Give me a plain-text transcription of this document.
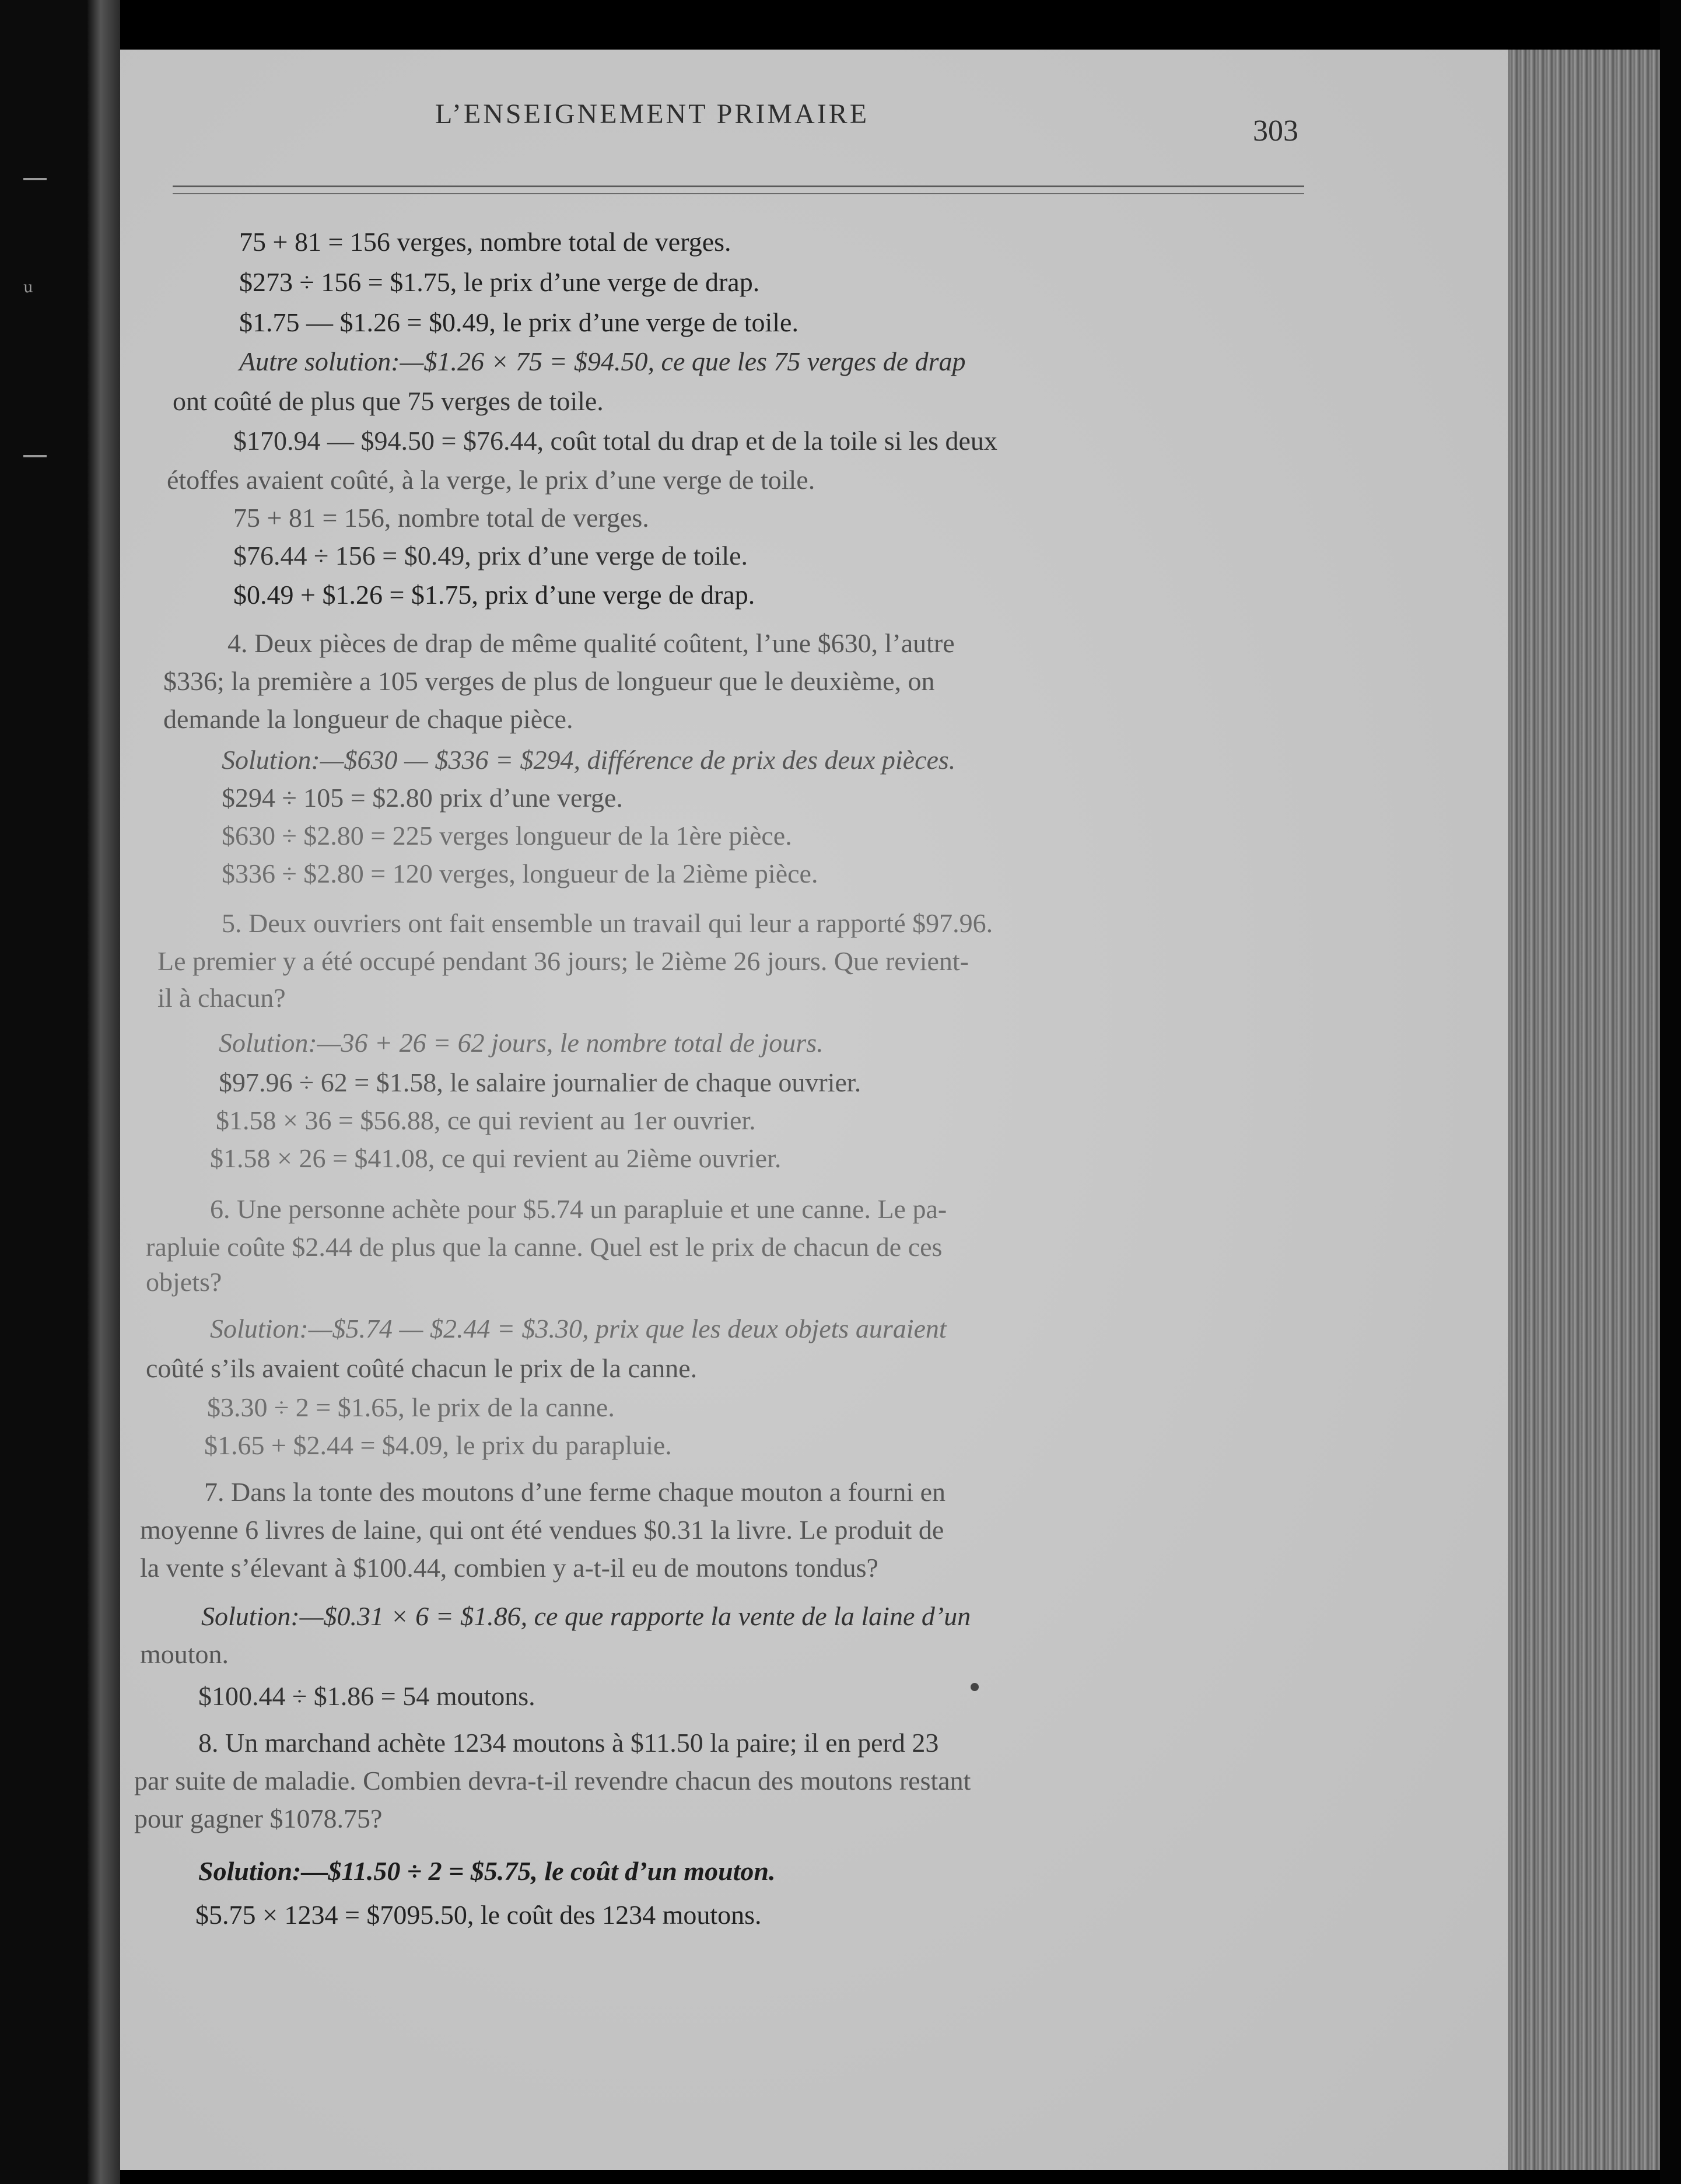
u
L’ENSEIGNEMENT PRIMAIRE
303
75 + 81 = 156 verges, nombre total de verges.
$273 ÷ 156 = $1.75, le prix d’une verge de drap.
$1.75 — $1.26 = $0.49, le prix d’une verge de toile.
Autre solution:—$1.26 × 75 = $94.50, ce que les 75 verges de drap
ont coûté de plus que 75 verges de toile.
$170.94 — $94.50 = $76.44, coût total du drap et de la toile si les deux
étoffes avaient coûté, à la verge, le prix d’une verge de toile.
75 + 81 = 156, nombre total de verges.
$76.44 ÷ 156 = $0.49, prix d’une verge de toile.
$0.49 + $1.26 = $1.75, prix d’une verge de drap.
4. Deux pièces de drap de même qualité coûtent, l’une $630, l’autre
$336; la première a 105 verges de plus de longueur que le deuxième, on
demande la longueur de chaque pièce.
Solution:—$630 — $336 = $294, différence de prix des deux pièces.
$294 ÷ 105 = $2.80 prix d’une verge.
$630 ÷ $2.80 = 225 verges longueur de la 1ère pièce.
$336 ÷ $2.80 = 120 verges, longueur de la 2ième pièce.
5. Deux ouvriers ont fait ensemble un travail qui leur a rapporté $97.96.
Le premier y a été occupé pendant 36 jours; le 2ième 26 jours. Que revient-
il à chacun?
Solution:—36 + 26 = 62 jours, le nombre total de jours.
$97.96 ÷ 62 = $1.58, le salaire journalier de chaque ouvrier.
$1.58 × 36 = $56.88, ce qui revient au 1er ouvrier.
$1.58 × 26 = $41.08, ce qui revient au 2ième ouvrier.
6. Une personne achète pour $5.74 un parapluie et une canne. Le pa-
rapluie coûte $2.44 de plus que la canne. Quel est le prix de chacun de ces
objets?
Solution:—$5.74 — $2.44 = $3.30, prix que les deux objets auraient
coûté s’ils avaient coûté chacun le prix de la canne.
$3.30 ÷ 2 = $1.65, le prix de la canne.
$1.65 + $2.44 = $4.09, le prix du parapluie.
7. Dans la tonte des moutons d’une ferme chaque mouton a fourni en
moyenne 6 livres de laine, qui ont été vendues $0.31 la livre. Le produit de
la vente s’élevant à $100.44, combien y a-t-il eu de moutons tondus?
Solution:—$0.31 × 6 = $1.86, ce que rapporte la vente de la laine d’un
mouton.
$100.44 ÷ $1.86 = 54 moutons.
8. Un marchand achète 1234 moutons à $11.50 la paire; il en perd 23
par suite de maladie. Combien devra-t-il revendre chacun des moutons restant
pour gagner $1078.75?
Solution:—$11.50 ÷ 2 = $5.75, le coût d’un mouton.
$5.75 × 1234 = $7095.50, le coût des 1234 moutons.
